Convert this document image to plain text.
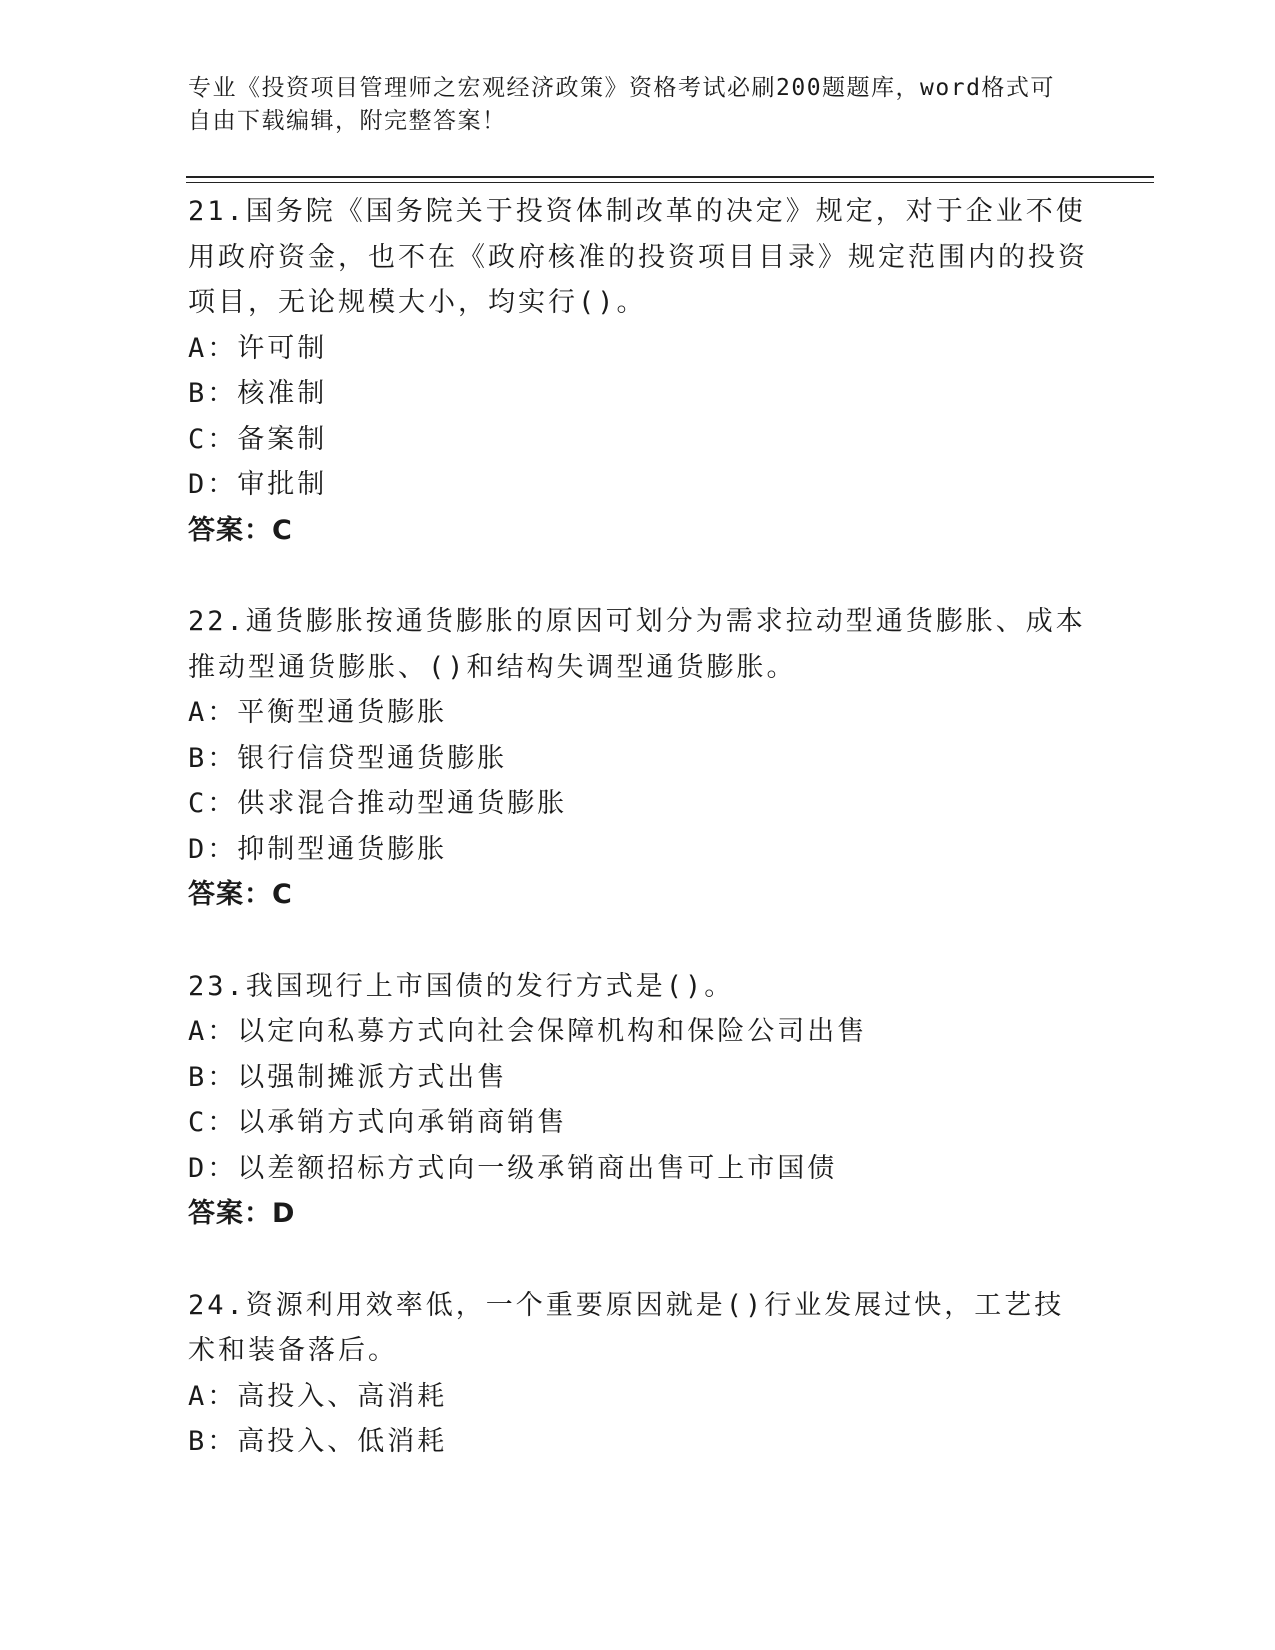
专业《投资项目管理师之宏观经济政策》资格考试必刷200题题库，word格式可
自由下载编辑，附完整答案！

21.国务院《国务院关于投资体制改革的决定》规定，对于企业不使用政府资金，也不在《政府核准的投资项目目录》规定范围内的投资项目，无论规模大小，均实行()。

A：许可制
B：核准制
C：备案制
D：审批制

答案：C

22.通货膨胀按通货膨胀的原因可划分为需求拉动型通货膨胀、成本推动型通货膨胀、()和结构失调型通货膨胀。

A：平衡型通货膨胀
B：银行信贷型通货膨胀
C：供求混合推动型通货膨胀
D：抑制型通货膨胀

答案：C

23.我国现行上市国债的发行方式是()。

A：以定向私募方式向社会保障机构和保险公司出售
B：以强制摊派方式出售
C：以承销方式向承销商销售
D：以差额招标方式向一级承销商出售可上市国债

答案：D

24.资源利用效率低，一个重要原因就是()行业发展过快，工艺技术和装备落后。

A：高投入、高消耗
B：高投入、低消耗
